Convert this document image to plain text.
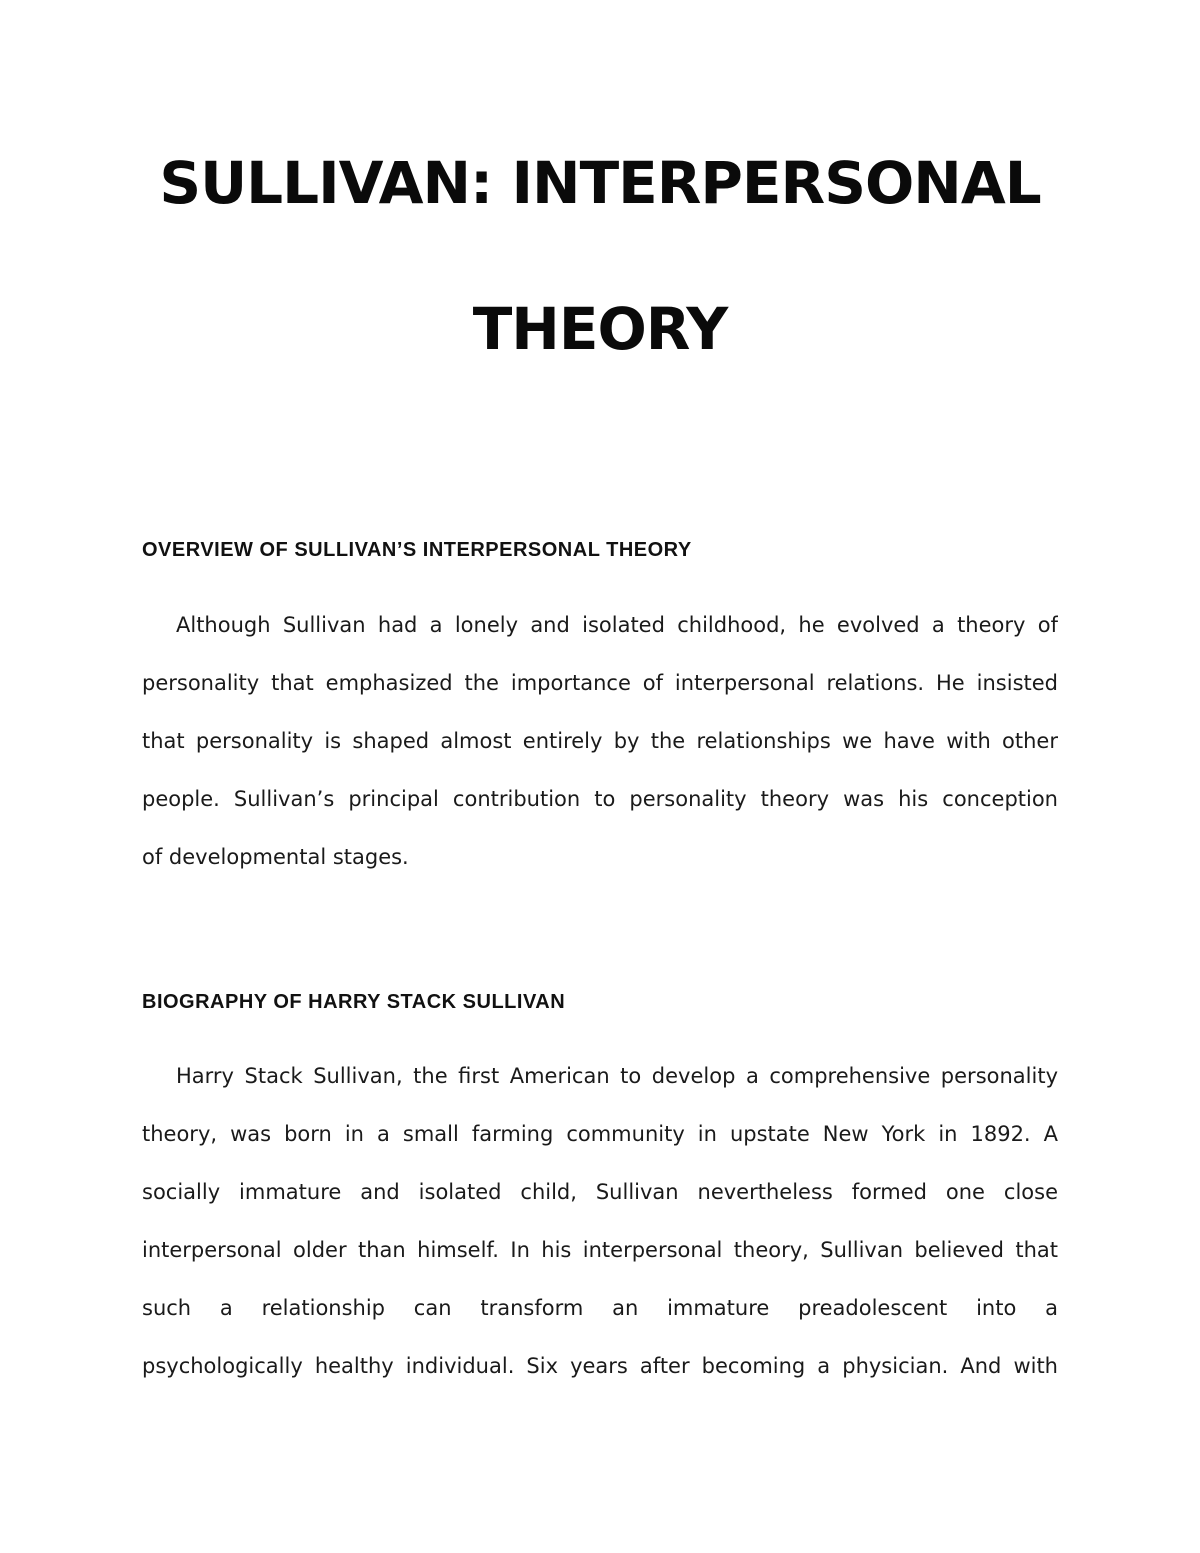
SULLIVAN: INTERPERSONAL
THEORY
OVERVIEW OF SULLIVAN’S INTERPERSONAL THEORY

Although Sullivan had a lonely and isolated childhood, he evolved a theory of
personality that emphasized the importance of interpersonal relations. He insisted
that personality is shaped almost entirely by the relationships we have with other
people. Sullivan’s principal contribution to personality theory was his conception
of developmental stages.

BIOGRAPHY OF HARRY STACK SULLIVAN

Harry Stack Sullivan, the first American to develop a comprehensive personality
theory, was born in a small farming community in upstate New York in 1892. A
socially immature and isolated child, Sullivan nevertheless formed one close
interpersonal older than himself. In his interpersonal theory, Sullivan believed that
such a relationship can transform an immature preadolescent into a
psychologically healthy individual. Six years after becoming a physician. And with
